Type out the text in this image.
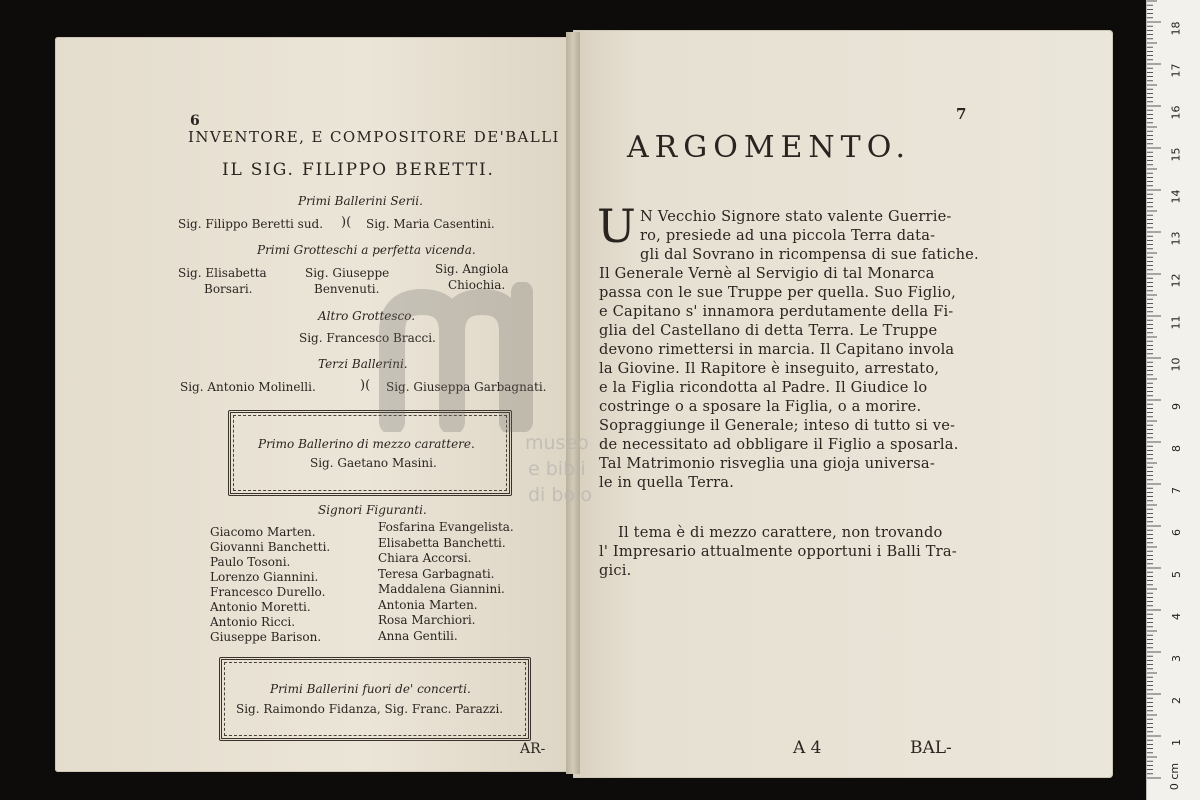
6
INVENTORE, E COMPOSITORE DE'BALLI
IL SIG. FILIPPO BERETTI.
Primi Ballerini Serii.
Sig. Filippo Beretti sud. )( Sig. Maria Casentini.
Primi Grotteschi a perfetta vicenda.
Sig. Elisabetta
Borsari.
Sig. Giuseppe
Benvenuti.
Sig. Angiola
Chiochia.
Altro Grottesco.
Sig. Francesco Bracci.
Terzi Ballerini.
Sig. Antonio Molinelli.	)( Sig. Giuseppa Garbagnati.
Primo Ballerino di mezzo carattere.
Sig. Gaetano Masini.
Signori Figuranti.
Giacomo Marten.
Giovanni Banchetti.
Paulo Tosoni.
Lorenzo Giannini.
Francesco Durello.
Antonio Moretti.
Antonio Ricci.
Giuseppe Barison.
Fosfarina Evangelista.
Elisabetta Banchetti.
Chiara Accorsi.
Teresa Garbagnati.
Maddalena Giannini.
Antonia Marten.
Rosa Marchiori.
Anna Gentili.
Primi Ballerini fuori de' concerti.
Sig. Raimondo Fidanza, Sig. Franc. Parazzi.
AR-
museo
e bibli
di bolo
7
ARGOMENTO.
U N Vecchio Signore stato valente Guerrie-
ro, presiede ad una piccola Terra data-
gli dal Sovrano in ricompensa di sue fatiche.
Il Generale Vernè al Servigio di tal Monarca
passa con le sue Truppe per quella. Suo Figlio,
e Capitano s' innamora perdutamente della Fi-
glia del Castellano di detta Terra. Le Truppe
devono rimettersi in marcia. Il Capitano invola
la Giovine. Il Rapitore è inseguito, arrestato,
e la Figlia ricondotta al Padre. Il Giudice lo
costringe o a sposare la Figlia, o a morire.
Sopraggiunge il Generale; inteso di tutto si ve-
de necessitato ad obbligare il Figlio a sposarla.
Tal Matrimonio risveglia una gioja universa-
le in quella Terra.
Il tema è di mezzo carattere, non trovando
l' Impresario attualmente opportuni i Balli Tra-
gici.
A 4	BAL-
18
17
16
15
14
13
12
11
10
9
8
7
6
5
4
3
2
1
0 cm
